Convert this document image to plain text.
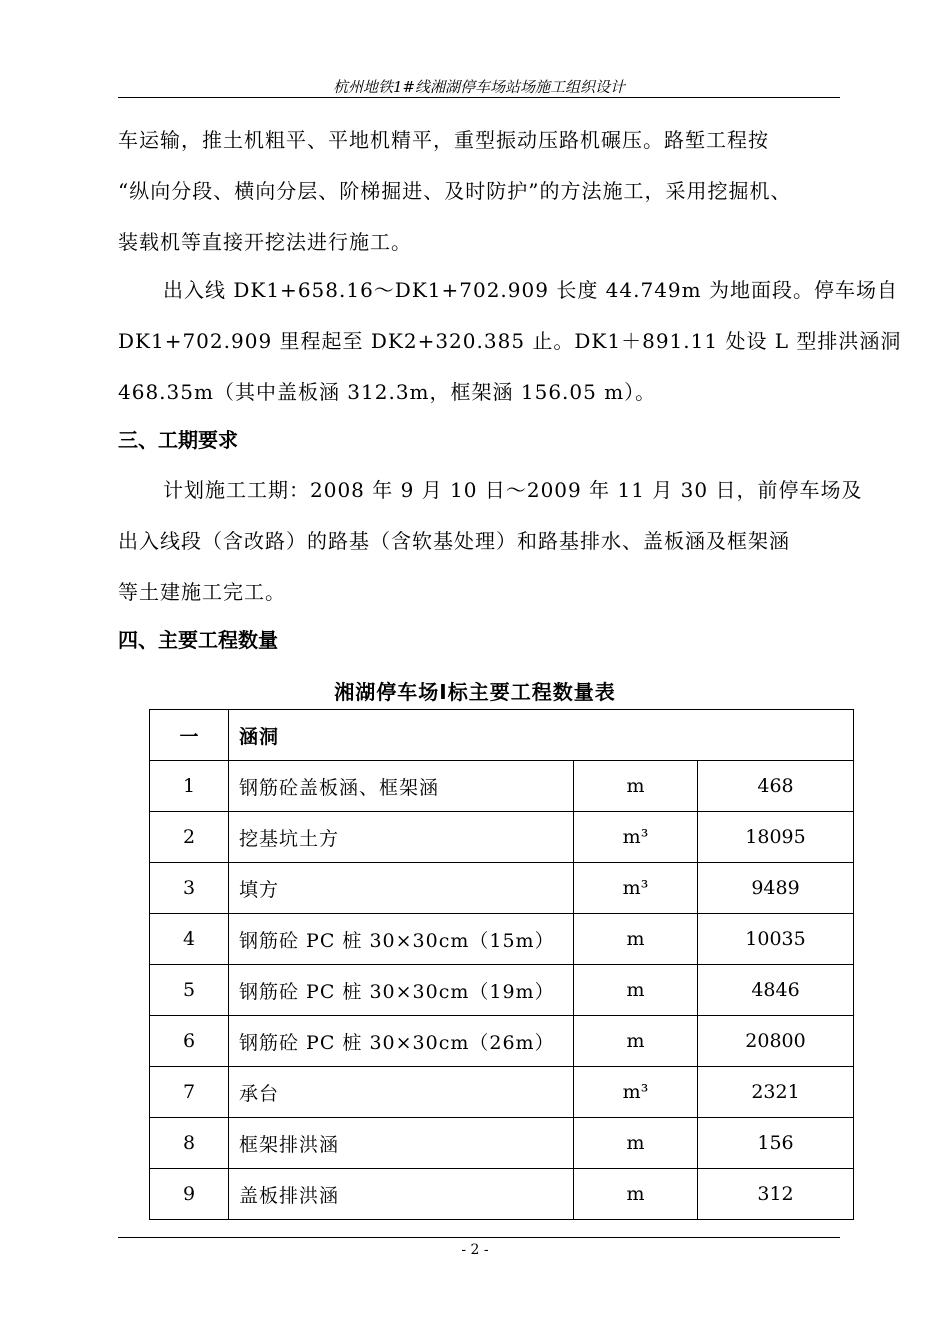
杭州地铁1#线湘湖停车场站场施工组织设计
车运输，推土机粗平、平地机精平，重型振动压路机碾压。路堑工程按
“纵向分段、横向分层、阶梯掘进、及时防护”的方法施工，采用挖掘机、
装载机等直接开挖法进行施工。
出入线 DK1+658.16～DK1+702.909 长度 44.749m 为地面段。停车场自
DK1+702.909 里程起至 DK2+320.385 止。DK1＋891.11 处设 L 型排洪涵洞
468.35m（其中盖板涵 312.3m，框架涵 156.05 m）。
三、工期要求
计划施工工期：2008 年 9 月 10 日～2009 年 11 月 30 日，前停车场及
出入线段（含改路）的路基（含软基处理）和路基排水、盖板涵及框架涵
等土建施工完工。
四、主要工程数量
湘湖停车场Ⅰ标主要工程数量表
一	涵洞		
1	钢筋砼盖板涵、框架涵	m	468
2	挖基坑土方	m³	18095
3	填方	m³	9489
4	钢筋砼 PC 桩 30×30cm（15m）	m	10035
5	钢筋砼 PC 桩 30×30cm（19m）	m	4846
6	钢筋砼 PC 桩 30×30cm（26m）	m	20800
7	承台	m³	2321
8	框架排洪涵	m	156
9	盖板排洪涵	m	312
- 2 -
